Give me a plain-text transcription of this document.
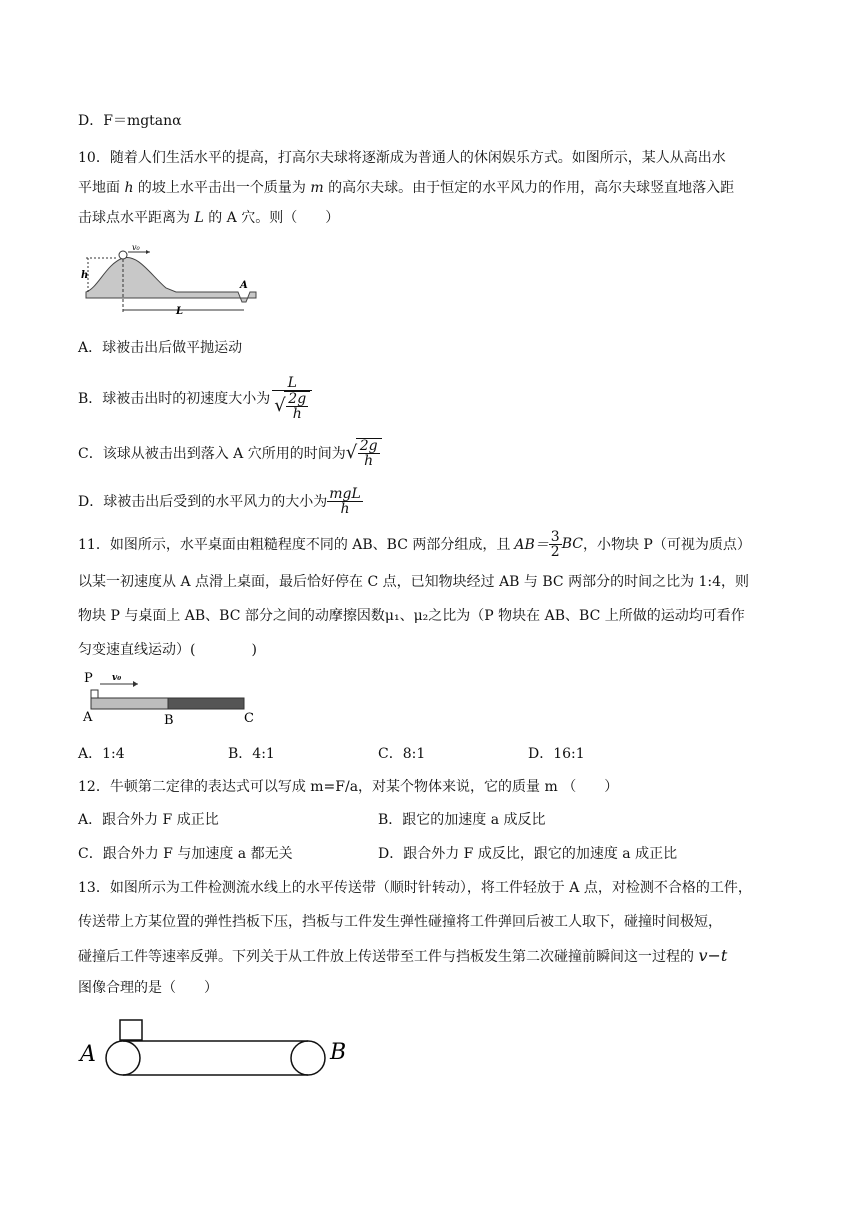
D．F＝mgtanα
10．随着人们生活水平的提高，打高尔夫球将逐渐成为普通人的休闲娱乐方式。如图所示，某人从高出水
平地面 h 的坡上水平击出一个质量为 m 的高尔夫球。由于恒定的水平风力的作用，高尔夫球竖直地落入距
击球点水平距离为 L 的 A 穴。则（　　）
h
v₀
L
A
A．球被击出后做平抛运动
B．球被击出时的初速度大小为 $\frac{L}{√ \frac{2g}{h}}$
C．该球从被击出到落入 A 穴所用的时间为 √ $\frac{2g}{h}$
D．球被击出后受到的水平风力的大小为 $\frac{\text{mgL}}{h}$
11．如图所示，水平桌面由粗糙程度不同的 AB、BC 两部分组成，且 $AB= \frac{3}{2}$ BC ，小物块 P（可视为质点）
以某一初速度从 A 点滑上桌面，最后恰好停在 C 点，已知物块经过 AB 与 BC 两部分的时间之比为 1:4，则
物块 P 与桌面上 AB、BC 部分之间的动摩擦因数μ₁、μ₂之比为（P 物块在 AB、BC 上所做的运动均可看作
匀变速直线运动）(　　　　)
P v₀
A	B	C
A．1:4	B．4:1	C．8:1	D．16:1
12．牛顿第二定律的表达式可以写成 m=F/a，对某个物体来说，它的质量 m （　　）
A．跟合外力 F 成正比	B．跟它的加速度 a 成反比
C．跟合外力 F 与加速度 a 都无关	D．跟合外力 F 成反比，跟它的加速度 a 成正比
13．如图所示为工件检测流水线上的水平传送带（顺时针转动），将工件轻放于 A 点，对检测不合格的工件，
传送带上方某位置的弹性挡板下压，挡板与工件发生弹性碰撞将工件弹回后被工人取下，碰撞时间极短，
碰撞后工件等速率反弹。下列关于从工件放上传送带至工件与挡板发生第二次碰撞前瞬间这一过程的 v−t
图像合理的是（　　）
A	B
